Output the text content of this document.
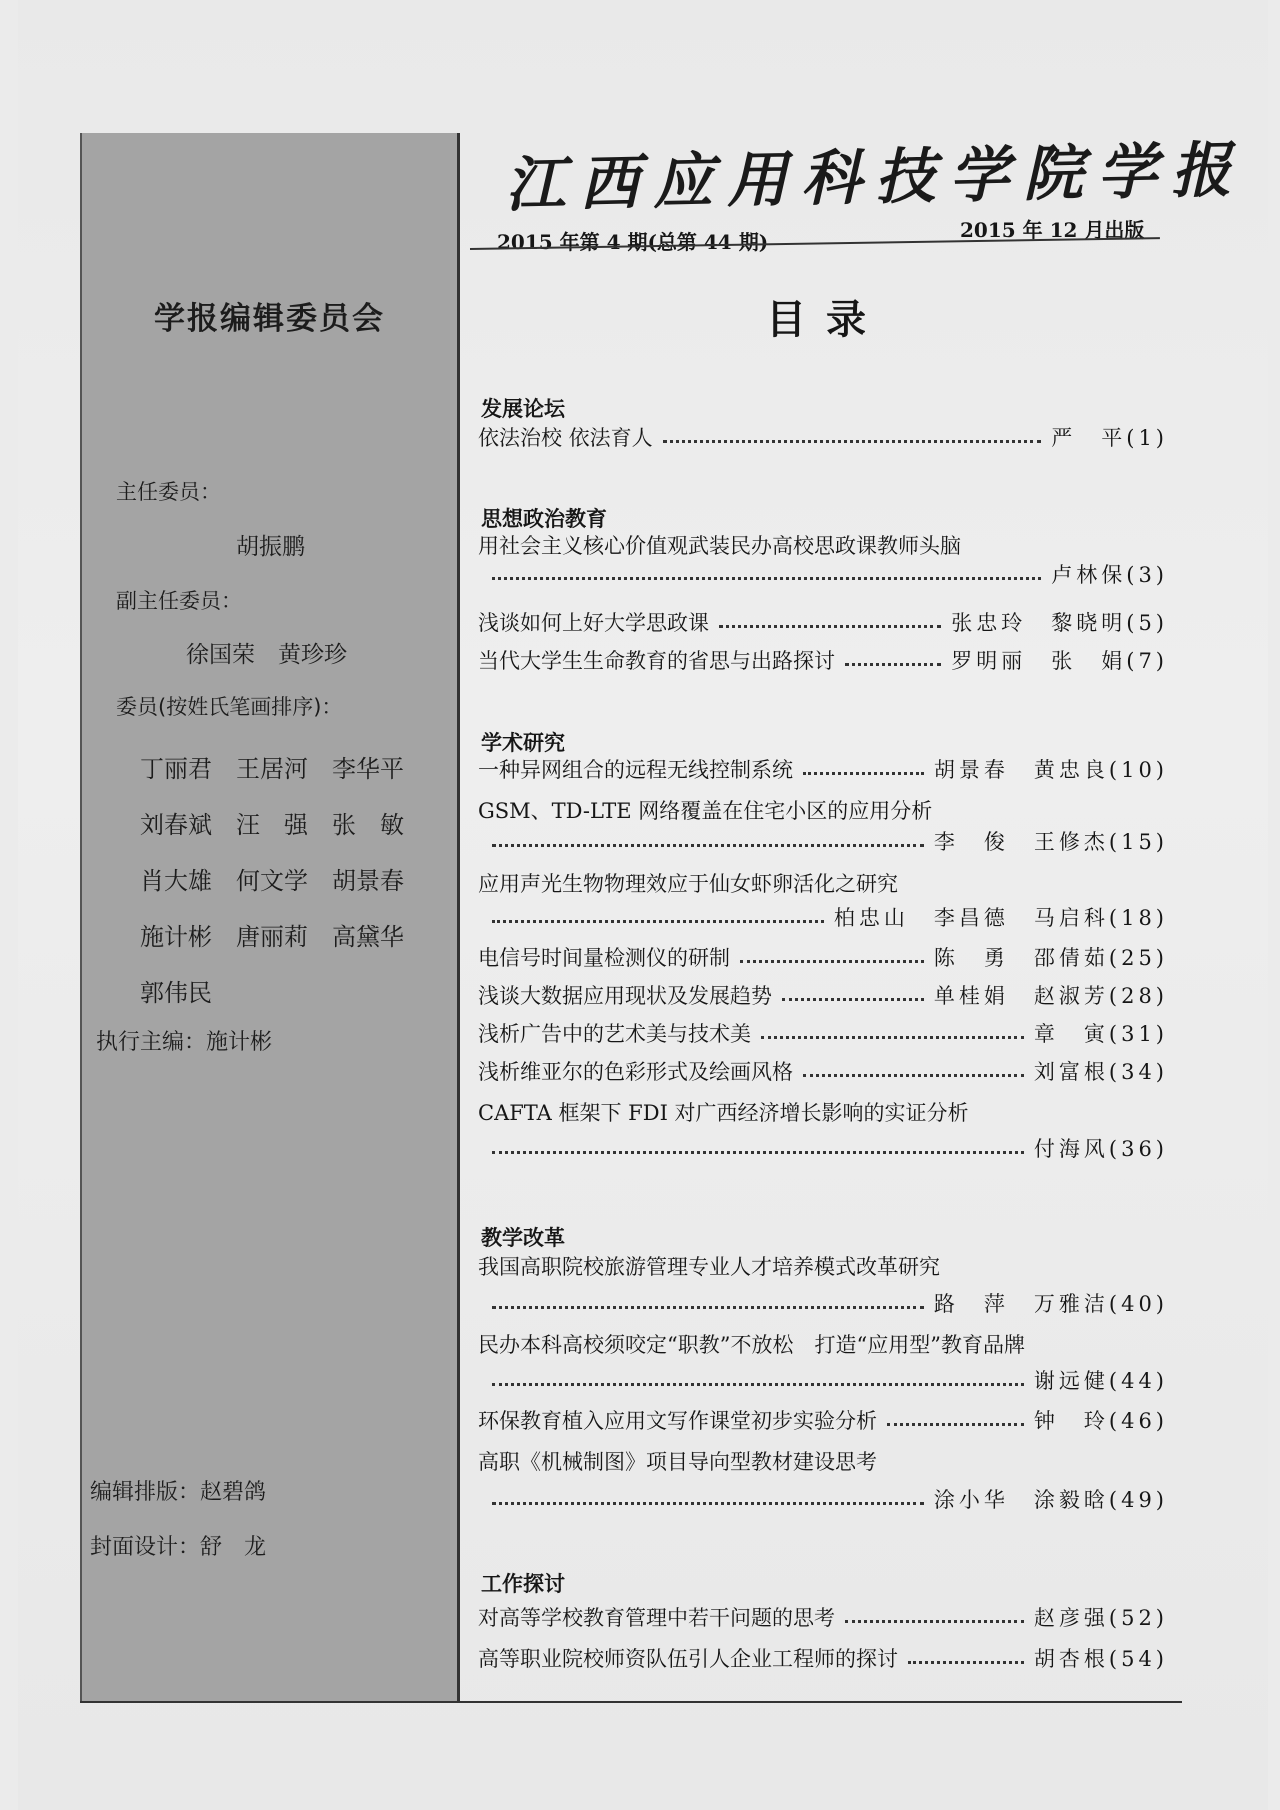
学报编辑委员会
主任委员：
胡振鹏
副主任委员：
徐国荣　黄珍珍
委员(按姓氏笔画排序)：
丁丽君	王居河	李华平
刘春斌	汪　强	张　敏
肖大雄	何文学	胡景春
施计彬	唐丽莉	高黛华
郭伟民
执行主编：施计彬
编辑排版：赵碧鸽
封面设计：舒　龙
江西应用科技学院学报
2015 年第 4 期(总第 44 期)	2015 年 12 月出版
目录
发展论坛
依法治校 依法育人	严　平(1)
思想政治教育
用社会主义核心价值观武装民办高校思政课教师头脑
卢林保(3)
浅谈如何上好大学思政课	张忠玲　黎晓明(5)
当代大学生生命教育的省思与出路探讨	罗明丽　张　娟(7)
学术研究
一种异网组合的远程无线控制系统	胡景春　黄忠良(10)
GSM、TD-LTE 网络覆盖在住宅小区的应用分析
李　俊　王修杰(15)
应用声光生物物理效应于仙女虾卵活化之研究
柏忠山　李昌德　马启科(18)
电信号时间量检测仪的研制	陈　勇　邵倩茹(25)
浅谈大数据应用现状及发展趋势	单桂娟　赵淑芳(28)
浅析广告中的艺术美与技术美	章　寅(31)
浅析维亚尔的色彩形式及绘画风格	刘富根(34)
CAFTA 框架下 FDI 对广西经济增长影响的实证分析
付海风(36)
教学改革
我国高职院校旅游管理专业人才培养模式改革研究
路　萍　万雅洁(40)
民办本科高校须咬定“职教”不放松　打造“应用型”教育品牌
谢远健(44)
环保教育植入应用文写作课堂初步实验分析	钟　玲(46)
高职《机械制图》项目导向型教材建设思考
涂小华　涂毅晗(49)
工作探讨
对高等学校教育管理中若干问题的思考	赵彦强(52)
高等职业院校师资队伍引人企业工程师的探讨	胡杏根(54)
